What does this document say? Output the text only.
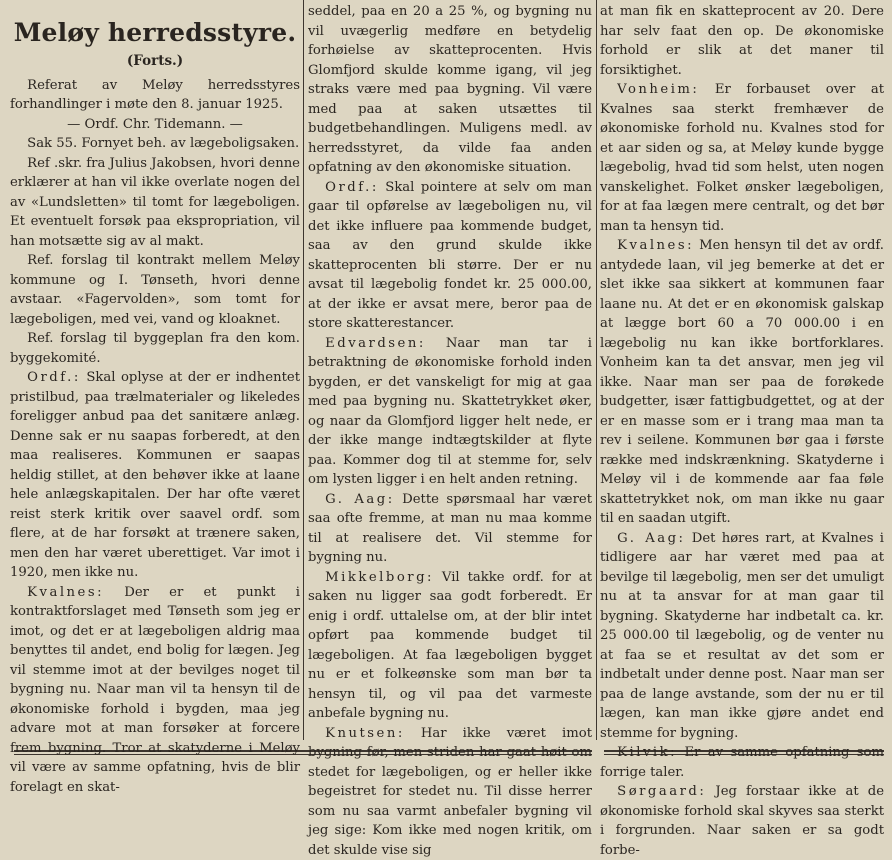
Meløy herredsstyre.
(Forts.)

Referat av Meløy herredsstyres forhandlinger i møte den 8. januar 1925.

— Ordf. Chr. Tidemann. —

Sak 55. Fornyet beh. av lægeboligsaken.

Ref .skr. fra Julius Jakobsen, hvori denne erklærer at han vil ikke overlate nogen del av «Lundsletten» til tomt for lægeboligen. Et eventuelt forsøk paa ekspropriation, vil han motsætte sig av al makt.

Ref. forslag til kontrakt mellem Meløy kommune og I. Tønseth, hvori denne avstaar. «Fagervolden», som tomt for lægeboligen, med vei, vand og kloaknet.

Ref. forslag til byggeplan fra den kom. byggekomité.

Ordf.: Skal oplyse at der er indhentet pristilbud, paa trælmaterialer og likeledes foreligger anbud paa det sanitære anlæg. Denne sak er nu saapas forberedt, at den maa realiseres. Kommunen er saapas heldig stillet, at den behøver ikke at laane hele anlægskapitalen. Der har ofte været reist sterk kritik over saavel ordf. som flere, at de har forsøkt at trænere saken, men den har været uberettiget. Var imot i 1920, men ikke nu.

Kvalnes: Der er et punkt i kontraktforslaget med Tønseth som jeg er imot, og det er at lægeboligen aldrig maa benyttes til andet, end bolig for lægen. Jeg vil stemme imot at der bevilges noget til bygning nu. Naar man vil ta hensyn til de økonomiske forhold i bygden, maa jeg advare mot at man forsøker at forcere frem bygning. Tror at skatyderne i Meløy vil være av samme opfatning, hvis de blir forelagt en skat-

seddel, paa en 20 a 25 %, og bygning nu vil uvægerlig medføre en betydelig forhøielse av skatteprocenten. Hvis Glomfjord skulde komme igang, vil jeg straks være med paa bygning. Vil være med paa at saken utsættes til budgetbehandlingen. Muligens medl. av herredsstyret, da vilde faa anden opfatning av den økonomiske situation.

Ordf.: Skal pointere at selv om man gaar til opførelse av lægeboligen nu, vil det ikke influere paa kommende budget, saa av den grund skulde ikke skatteprocenten bli større. Der er nu avsat til lægebolig fondet kr. 25 000.00, at der ikke er avsat mere, beror paa de store skatterestancer.

Edvardsen: Naar man tar i betraktning de økonomiske forhold inden bygden, er det vanskeligt for mig at gaa med paa bygning nu. Skattetrykket øker, og naar da Glomfjord ligger helt nede, er der ikke mange indtægtskilder at flyte paa. Kommer dog til at stemme for, selv om lysten ligger i en helt anden retning.

G. Aag: Dette spørsmaal har været saa ofte fremme, at man nu maa komme til at realisere det. Vil stemme for bygning nu.

Mikkelborg: Vil takke ordf. for at saken nu ligger saa godt forberedt. Er enig i ordf. uttalelse om, at der blir intet opført paa kommende budget til lægeboligen. At faa lægeboligen bygget nu er et folkeønske som man bør ta hensyn til, og vil paa det varmeste anbefale bygning nu.

Knutsen: Har ikke været imot bygning før, men striden har gaat høit om stedet for lægeboligen, og er heller ikke begeistret for stedet nu. Til disse herrer som nu saa varmt anbefaler bygning vil jeg sige: Kom ikke med nogen kritik, om det skulde vise sig

at man fik en skatteprocent av 20. Dere har selv faat den op. De økonomiske forhold er slik at det maner til forsiktighet.

Vonheim: Er forbauset over at Kvalnes saa sterkt fremhæver de økonomiske forhold nu. Kvalnes stod for et aar siden og sa, at Meløy kunde bygge lægebolig, hvad tid som helst, uten nogen vanskelighet. Folket ønsker lægeboligen, for at faa lægen mere centralt, og det bør man ta hensyn tid.

Kvalnes: Men hensyn til det av ordf. antydede laan, vil jeg bemerke at det er slet ikke saa sikkert at kommunen faar laane nu. At det er en økonomisk galskap at lægge bort 60 a 70 000.00 i en lægebolig nu kan ikke bortforklares. Vonheim kan ta det ansvar, men jeg vil ikke. Naar man ser paa de forøkede budgetter, især fattigbudgettet, og at der er en masse som er i trang maa man ta rev i seilene. Kommunen bør gaa i første række med indskrænkning. Skatyderne i Meløy vil i de kommende aar faa føle skattetrykket nok, om man ikke nu gaar til en saadan utgift.

G. Aag: Det høres rart, at Kvalnes i tidligere aar har været med paa at bevilge til lægebolig, men ser det umuligt nu at ta ansvar for at man gaar til bygning. Skatyderne har indbetalt ca. kr. 25 000.00 til lægebolig, og de venter nu at faa se et resultat av det som er indbetalt under denne post. Naar man ser paa de lange avstande, som der nu er til lægen, kan man ikke gjøre andet end stemme for bygning.

Kilvik: Er av samme opfatning som forrige taler.

Sørgaard: Jeg forstaar ikke at de økonomiske forhold skal skyves saa sterkt i forgrunden. Naar saken er sa godt forbe-
